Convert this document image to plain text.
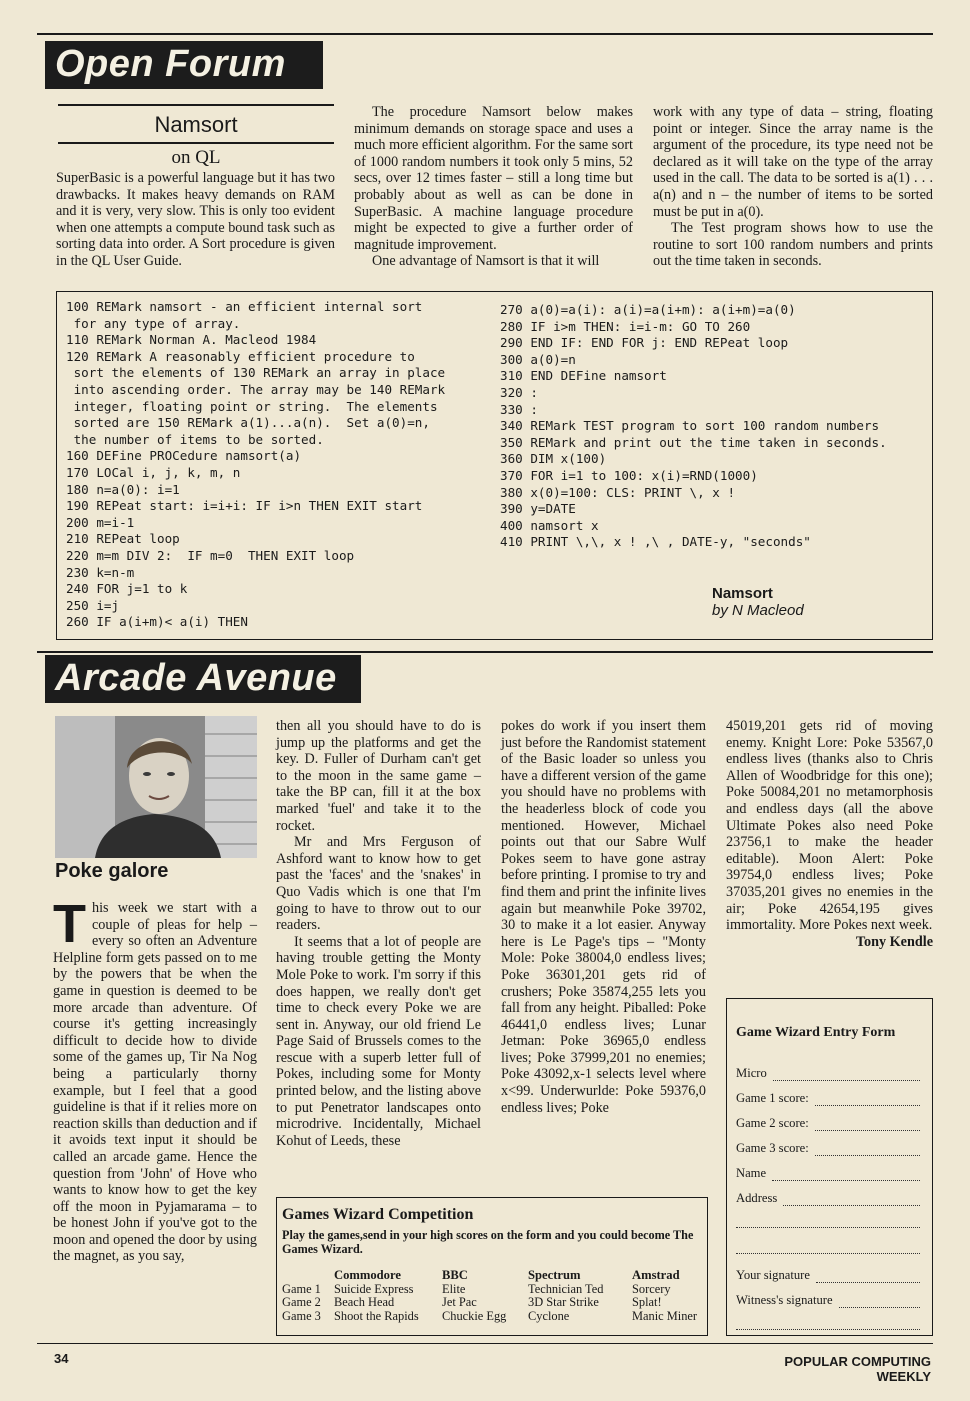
Open Forum
Namsort
on QL

SuperBasic is a powerful language but it has two drawbacks. It makes heavy demands on RAM and it is very, very slow. This is only too evident when one attempts a compute bound task such as sorting data into order. A Sort procedure is given in the QL User Guide.

The procedure Namsort below makes minimum demands on storage space and uses a much more efficient algorithm. For the same sort of 1000 random numbers it took only 5 mins, 52 secs, over 12 times faster – still a long time but probably about as well as can be done in SuperBasic. A machine language procedure might be expected to give a further order of magnitude improvement.

One advantage of Namsort is that it will

work with any type of data – string, floating point or integer. Since the array name is the argument of the procedure, its type need not be declared as it will take on the type of the array used in the call. The data to be sorted is a(1) . . . a(n) and n – the number of items to be sorted must be put in a(0).

The Test program shows how to use the routine to sort 100 random numbers and prints out the time taken in seconds.

100 REMark namsort - an efficient internal sort
for any type of array.
110 REMark Norman A. Macleod 1984
120 REMark A reasonably efficient procedure to
sort the elements of 130 REMark an array in place
into ascending order. The array may be 140 REMark
integer, floating point or string.  The elements
sorted are 150 REMark a(1)...a(n).  Set a(0)=n,
the number of items to be sorted.
160 DEFine PROCedure namsort(a)
170 LOCal i, j, k, m, n
180 n=a(0): i=1
190 REPeat start: i=i+i: IF i>n THEN EXIT start
200 m=i-1
210 REPeat loop
220 m=m DIV 2:  IF m=0  THEN EXIT loop
230 k=n-m
240 FOR j=1 to k
250 i=j
260 IF a(i+m)< a(i) THEN
270 a(0)=a(i): a(i)=a(i+m): a(i+m)=a(0)
280 IF i>m THEN: i=i-m: GO TO 260
290 END IF: END FOR j: END REPeat loop
300 a(0)=n
310 END DEFine namsort
320 :
330 :
340 REMark TEST program to sort 100 random numbers
350 REMark and print out the time taken in seconds.
360 DIM x(100)
370 FOR i=1 to 100: x(i)=RND(1000)
380 x(0)=100: CLS: PRINT \, x !
390 y=DATE
400 namsort x
410 PRINT \,\, x ! ,\ , DATE-y, "seconds"
Namsort
by N Macleod
Arcade Avenue
Poke galore

This week we start with a couple of pleas for help – every so often an Adventure Helpline form gets passed on to me by the powers that be when the game in question is deemed to be more arcade than adventure. Of course it's getting increasingly difficult to decide how to divide some of the games up, Tir Na Nog being a particularly thorny example, but I feel that a good guideline is that if it relies more on reaction skills than deduction and if it avoids text input it should be called an arcade game. Hence the question from 'John' of Hove who wants to know how to get the key off the moon in Pyjamarama – to be honest John if you've got to the moon and opened the door by using the magnet, as you say,

then all you should have to do is jump up the platforms and get the key. D. Fuller of Durham can't get to the moon in the same game – take the BP can, fill it at the box marked 'fuel' and take it to the rocket.

Mr and Mrs Ferguson of Ashford want to know how to get past the 'faces' and the 'snakes' in Quo Vadis which is one that I'm going to have to throw out to our readers.

It seems that a lot of people are having trouble getting the Monty Mole Poke to work. I'm sorry if this does happen, we really don't get time to check every Poke we are sent in. Anyway, our old friend Le Page Said of Brussels comes to the rescue with a superb letter full of Pokes, including some for Monty printed below, and the listing above to put Penetrator landscapes onto microdrive. Incidentally, Michael Kohut of Leeds, these

pokes do work if you insert them just before the Randomist statement of the Basic loader so unless you have a different version of the game you should have no problems with the headerless block of code you mentioned. However, Michael points out that our Sabre Wulf Pokes seem to have gone astray before printing. I promise to try and find them and print the infinite lives again but meanwhile Poke 39702, 30 to make it a lot easier. Anyway here is Le Page's tips – "Monty Mole: Poke 38004,0 endless lives; Poke 36301,201 gets rid of crushers; Poke 35874,255 lets you fall from any height. Piballed: Poke 46441,0 endless lives; Lunar Jetman: Poke 36965,0 endless lives; Poke 37999,201 no enemies; Poke 43092,x-1 selects level where x<99. Underwurlde: Poke 59376,0 endless lives; Poke

45019,201 gets rid of moving enemy. Knight Lore: Poke 53567,0 endless lives (thanks also to Chris Allen of Woodbridge for this one); Poke 50084,201 no metamorphosis and endless days (all the above Ultimate Pokes also need Poke 23756,1 to make the header editable). Moon Alert: Poke 39754,0 endless lives; Poke 37035,201 gives no enemies in the air; Poke 42654,195 gives immortality. More Pokes next week.

Tony Kendle

Game Wizard Entry Form
Micro
Game 1 score:
Game 2 score:
Game 3 score:
Name
Address
Your signature
Witness's signature
Games Wizard Competition
Play the games,send in your high scores on the form and you could become The Games Wizard.
	Commodore	BBC	Spectrum	Amstrad
Game 1	Suicide Express	Elite	Technician Ted	Sorcery
Game 2	Beach Head	Jet Pac	3D Star Strike	Splat!
Game 3	Shoot the Rapids	Chuckie Egg	Cyclone	Manic Miner
34	POPULAR COMPUTING WEEKLY
